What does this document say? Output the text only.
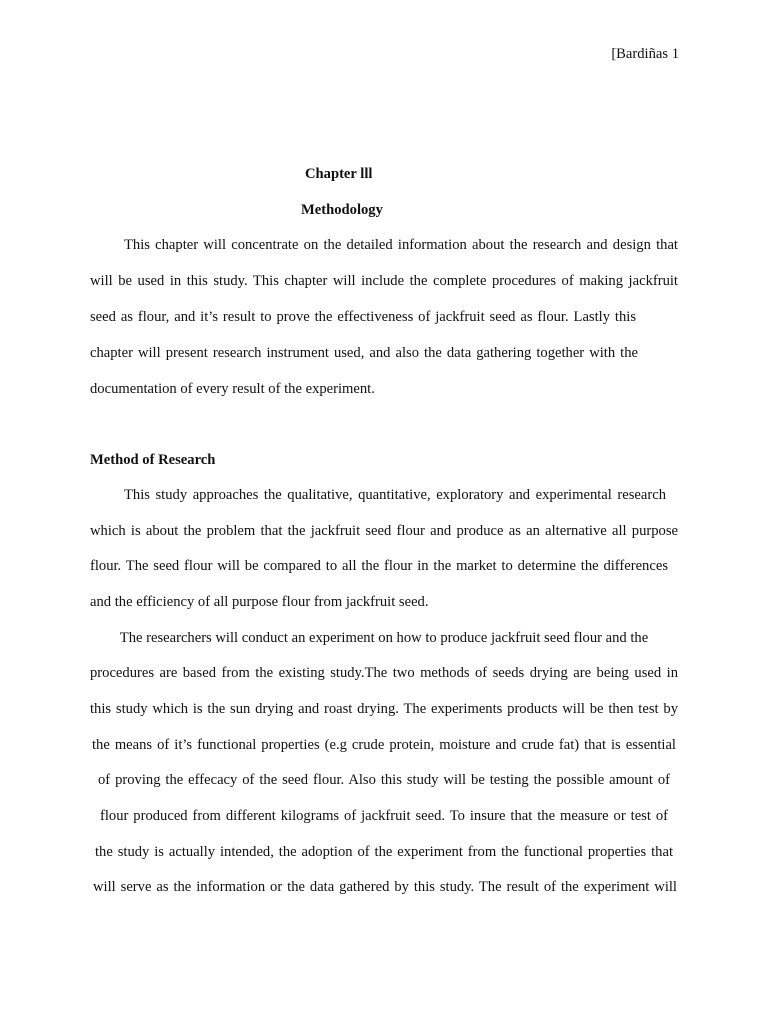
[Bardiñas 1
Chapter lll
Methodology
This chapter will concentrate on the detailed information about the research and design that
will be used in this study. This chapter will include the complete procedures of making jackfruit
seed as flour, and it’s result to prove the effectiveness of jackfruit seed as flour. Lastly this
chapter will present research instrument used, and also the data gathering together with the
documentation of every result of the experiment.
Method of Research
This study approaches the qualitative, quantitative, exploratory and experimental research
which is about the problem that the jackfruit seed flour and produce as an alternative all purpose
flour. The seed flour will be compared to all the flour in the market to determine the differences
and the efficiency of all purpose flour from jackfruit seed.
The researchers will conduct an experiment on how to produce jackfruit seed flour and the
procedures are based from the existing study.The two methods of seeds drying are being used in
this study which is the sun drying and roast drying. The experiments products will be then test by
the means of it’s functional properties (e.g crude protein, moisture and crude fat) that is essential
of proving the effecacy of the seed flour. Also this study will be testing the possible amount of
flour produced from different kilograms of jackfruit seed. To insure that the measure or test of
the study is actually intended, the adoption of the experiment from the functional properties that
will serve as the information or the data gathered by this study. The result of the experiment will
